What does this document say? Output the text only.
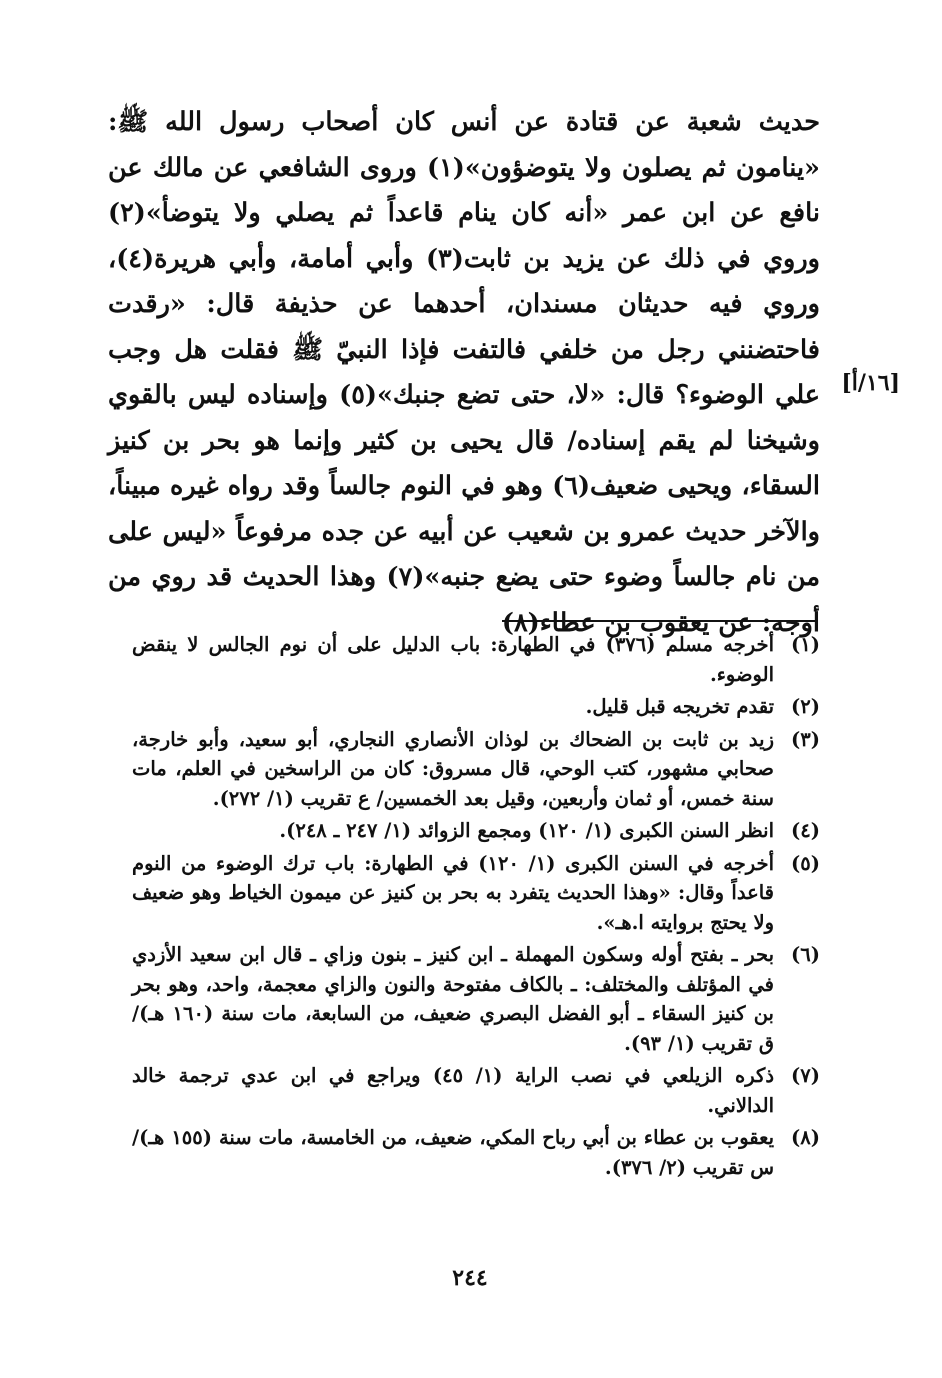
حديث شعبة عن قتادة عن أنس كان أصحاب رسول الله ﷺ: «ينامون ثم يصلون ولا يتوضؤون»(١) وروى الشافعي عن مالك عن نافع عن ابن عمر «أنه كان ينام قاعداً ثم يصلي ولا يتوضأ»(٢) وروي في ذلك عن يزيد بن ثابت(٣) وأبي أمامة، وأبي هريرة(٤)، وروي فيه حديثان مسندان، أحدهما عن حذيفة قال: «رقدت فاحتضنني رجل من خلفي فالتفت فإذا النبيّ ﷺ فقلت هل وجب علي الوضوء؟ قال: «لا، حتى تضع جنبك»(٥) وإسناده ليس بالقوي وشيخنا لم يقم إسناده/ قال يحيى بن كثير وإنما هو بحر بن كنيز السقاء، ويحيى ضعيف(٦) وهو في النوم جالساً وقد رواه غيره مبيناً، والآخر حديث عمرو بن شعيب عن أبيه عن جده مرفوعاً «ليس على من نام جالساً وضوء حتى يضع جنبه»(٧) وهذا الحديث قد روي من أوجه: عن يعقوب بن عطاء(٨)

[١٦/أ]
(١)
أخرجه مسلم (٣٧٦) في الطهارة: باب الدليل على أن نوم الجالس لا ينقض الوضوء.
(٢)
تقدم تخريجه قبل قليل.
(٣)
زيد بن ثابت بن الضحاك بن لوذان الأنصاري النجاري، أبو سعيد، وأبو خارجة، صحابي مشهور، كتب الوحي، قال مسروق: كان من الراسخين في العلم، مات سنة خمس، أو ثمان وأربعين، وقيل بعد الخمسين/ ع تقريب (١/ ٢٧٢).
(٤)
انظر السنن الكبرى (١/ ١٢٠) ومجمع الزوائد (١/ ٢٤٧ ـ ٢٤٨).
(٥)
أخرجه في السنن الكبرى (١/ ١٢٠) في الطهارة: باب ترك الوضوء من النوم قاعداً وقال: «وهذا الحديث يتفرد به بحر بن كنيز عن ميمون الخياط وهو ضعيف ولا يحتج بروايته ا.هـ».
(٦)
بحر ـ بفتح أوله وسكون المهملة ـ ابن كنيز ـ بنون وزاي ـ قال ابن سعيد الأزدي في المؤتلف والمختلف: ـ بالكاف مفتوحة والنون والزاي معجمة، واحد، وهو بحر بن كنيز السقاء ـ أبو الفضل البصري ضعيف، من السابعة، مات سنة (١٦٠ هـ)/ ق تقريب (١/ ٩٣).
(٧)
ذكره الزيلعي في نصب الراية (١/ ٤٥) ويراجع في ابن عدي ترجمة خالد الدالاني.
(٨)
يعقوب بن عطاء بن أبي رباح المكي، ضعيف، من الخامسة، مات سنة (١٥٥ هـ)/ س تقريب (٢/ ٣٧٦).
٢٤٤
